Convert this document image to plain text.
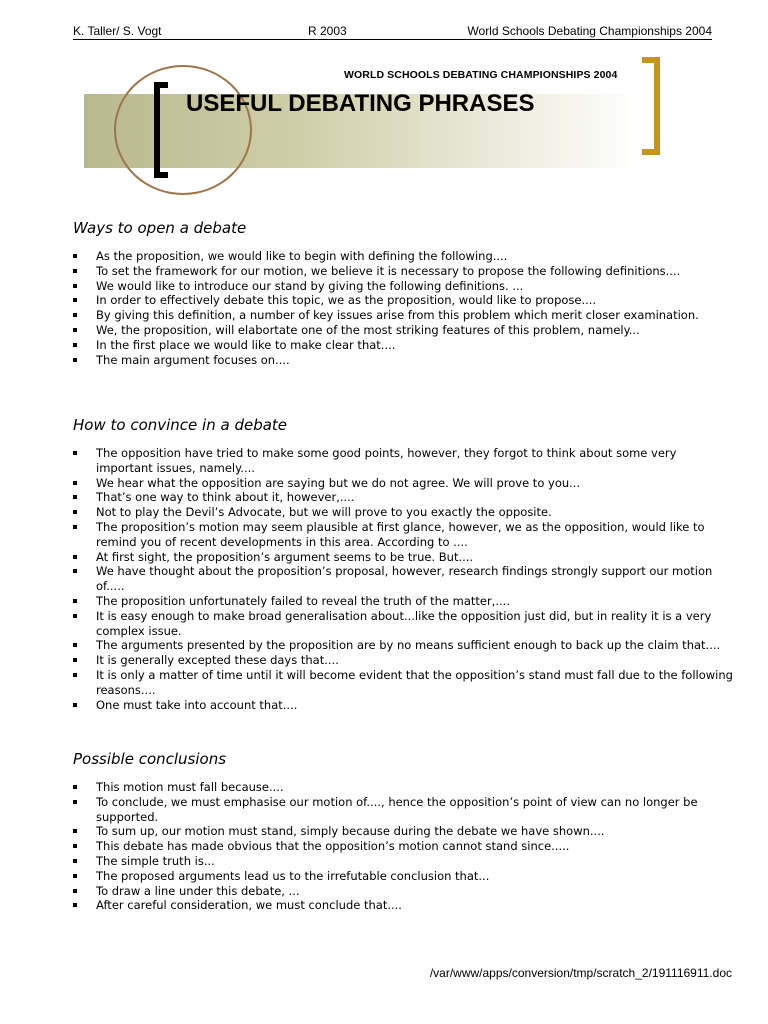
K. Taller/ S. Vogt	R 2003	World Schools Debating Championships 2004
WORLD SCHOOLS DEBATING CHAMPIONSHIPS 2004
USEFUL DEBATING PHRASES
Ways to open a debate
As the proposition, we would like to begin with defining the following....
To set the framework for our motion, we believe it is necessary to propose the following definitions....
We would like to introduce our stand by giving the following definitions. ...
In order to effectively debate this topic, we as the proposition, would like to propose....
By giving this definition, a number of key issues arise from this problem which merit closer examination.
We, the proposition, will elabortate one of the most striking features of this problem, namely...
In the first place we would like to make clear that....
The main argument focuses on....
How to convince in a debate
The opposition have tried to make some good points, however, they forgot to think about some very important issues, namely....
We hear what the opposition are saying but we do not agree. We will prove to you...
That’s one way to think about it, however,....
Not to play the Devil’s Advocate, but we will prove to you exactly the opposite.
The proposition’s motion may seem plausible at first glance, however, we as the opposition, would like to remind you of recent developments in this area. According to ....
At first sight, the proposition’s argument seems to be true. But....
We have thought about the proposition’s proposal, however, research findings strongly support our motion of.....
The proposition unfortunately failed to reveal the truth of the matter,....
It is easy enough to make broad generalisation about...like the opposition just did, but in reality it is a very complex issue.
The arguments presented by the proposition are by no means sufficient enough to back up the claim that....
It is generally excepted these days that....
It is only a matter of time until it will become evident that the opposition’s stand must fall due to the following reasons....
One must take into account that....
Possible conclusions
This motion must fall because....
To conclude, we must emphasise our motion of...., hence the opposition’s point of view can no longer be supported.
To sum up, our motion must stand, simply because during the debate we have shown....
This debate has made obvious that the opposition’s motion cannot stand since.....
The simple truth is...
The proposed arguments lead us to the irrefutable conclusion that...
To draw a line under this debate, ...
After careful consideration, we must conclude that....
/var/www/apps/conversion/tmp/scratch_2/191116911.doc
